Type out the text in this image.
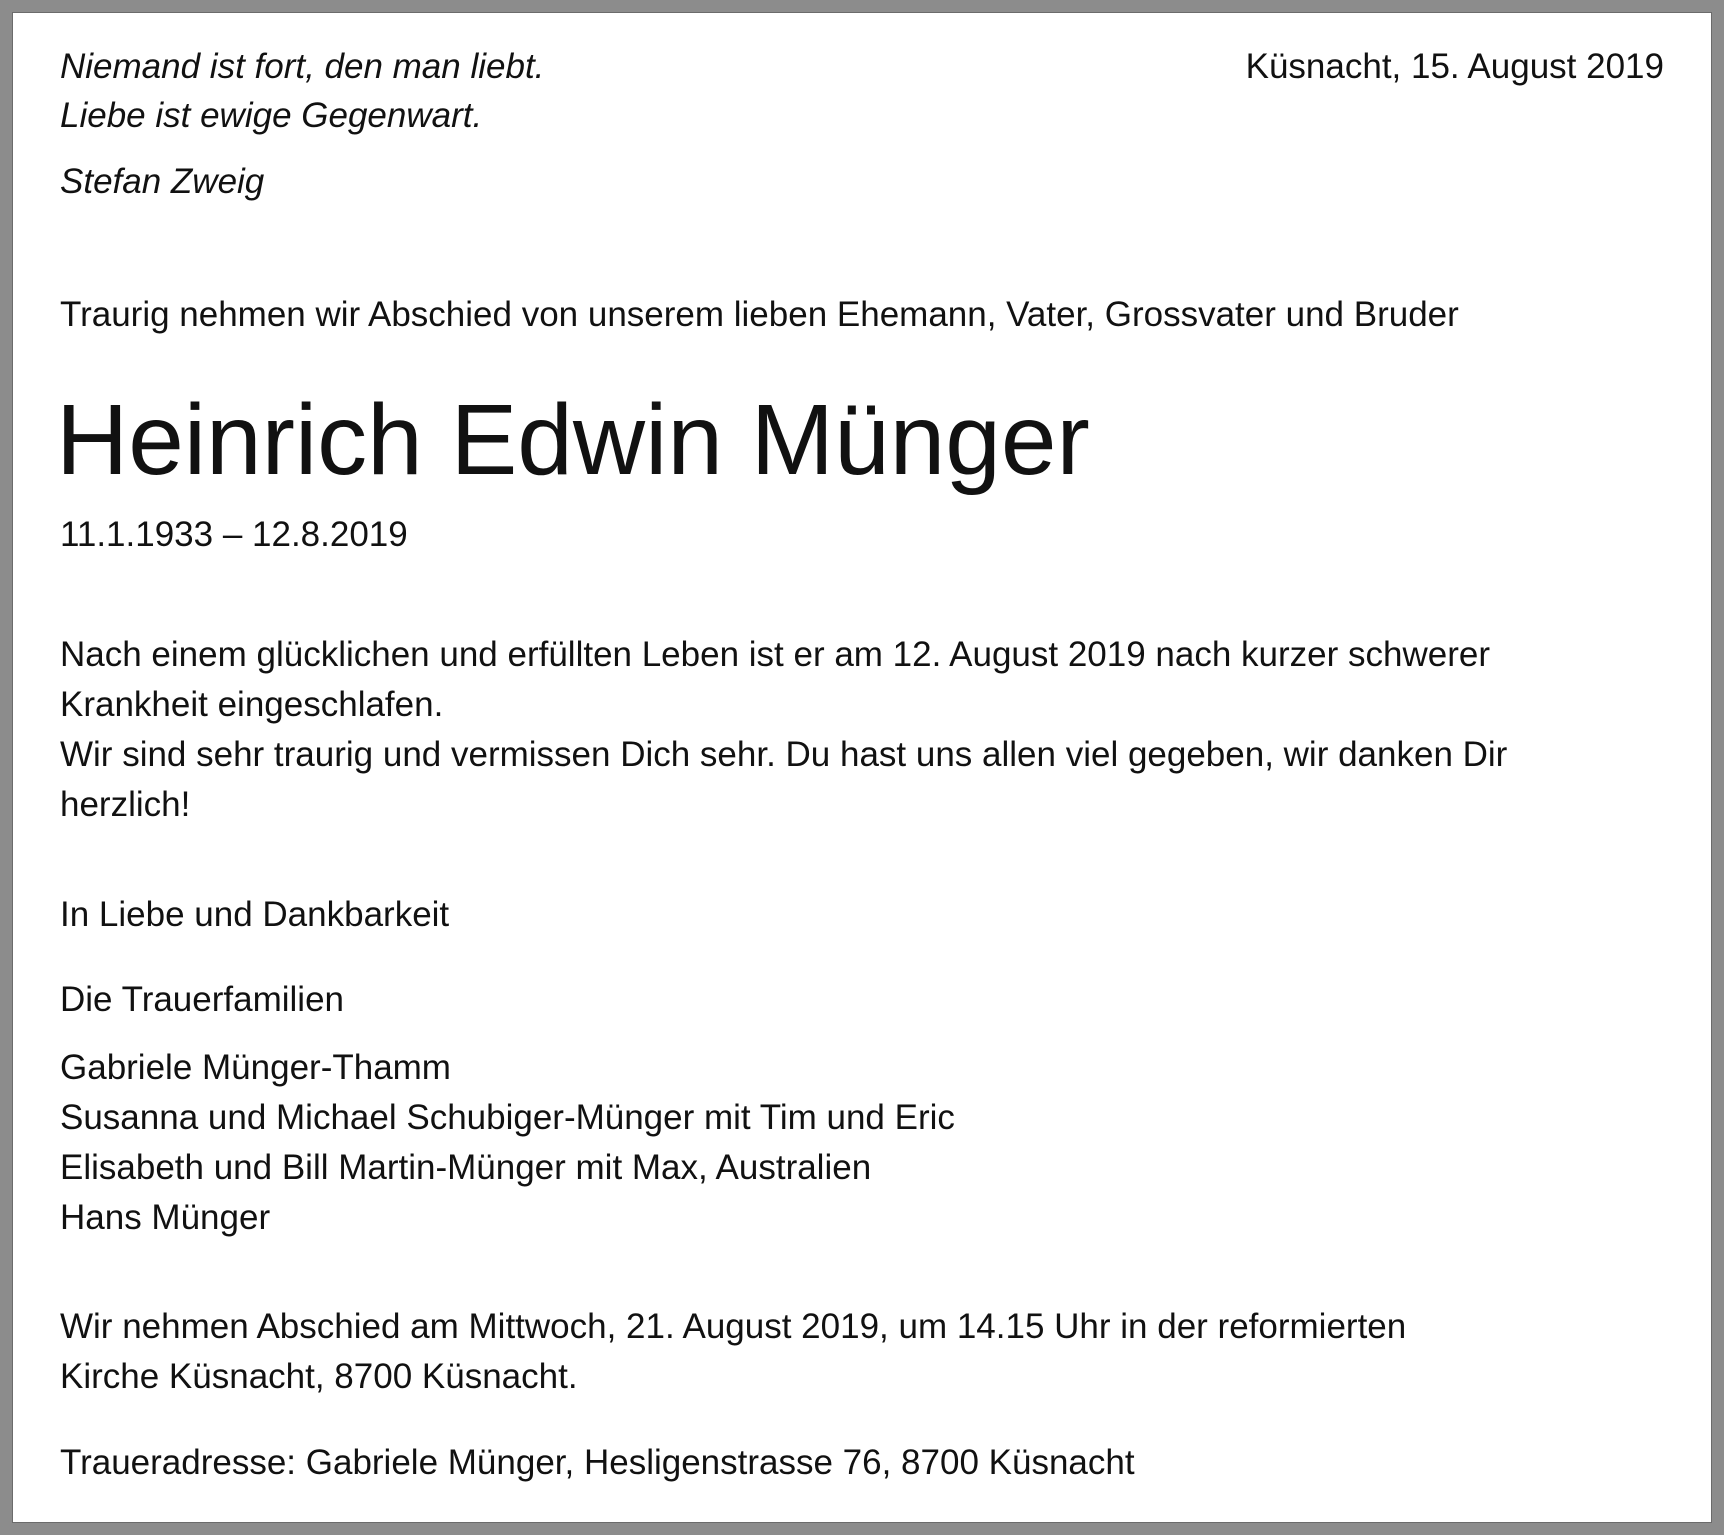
Niemand ist fort, den man liebt.
Liebe ist ewige Gegenwart.
Stefan Zweig
Küsnacht, 15. August 2019
Traurig nehmen wir Abschied von unserem lieben Ehemann, Vater, Grossvater und Bruder
Heinrich Edwin Münger
11.1.1933 – 12.8.2019
Nach einem glücklichen und erfüllten Leben ist er am 12. August 2019 nach kurzer schwerer
Krankheit eingeschlafen.
Wir sind sehr traurig und vermissen Dich sehr. Du hast uns allen viel gegeben, wir danken Dir
herzlich!
In Liebe und Dankbarkeit
Die Trauerfamilien
Gabriele Münger-Thamm
Susanna und Michael Schubiger-Münger mit Tim und Eric
Elisabeth und Bill Martin-Münger mit Max, Australien
Hans Münger
Wir nehmen Abschied am Mittwoch, 21. August 2019, um 14.15 Uhr in der reformierten
Kirche Küsnacht, 8700 Küsnacht.
Traueradresse: Gabriele Münger, Hesligenstrasse 76, 8700 Küsnacht
